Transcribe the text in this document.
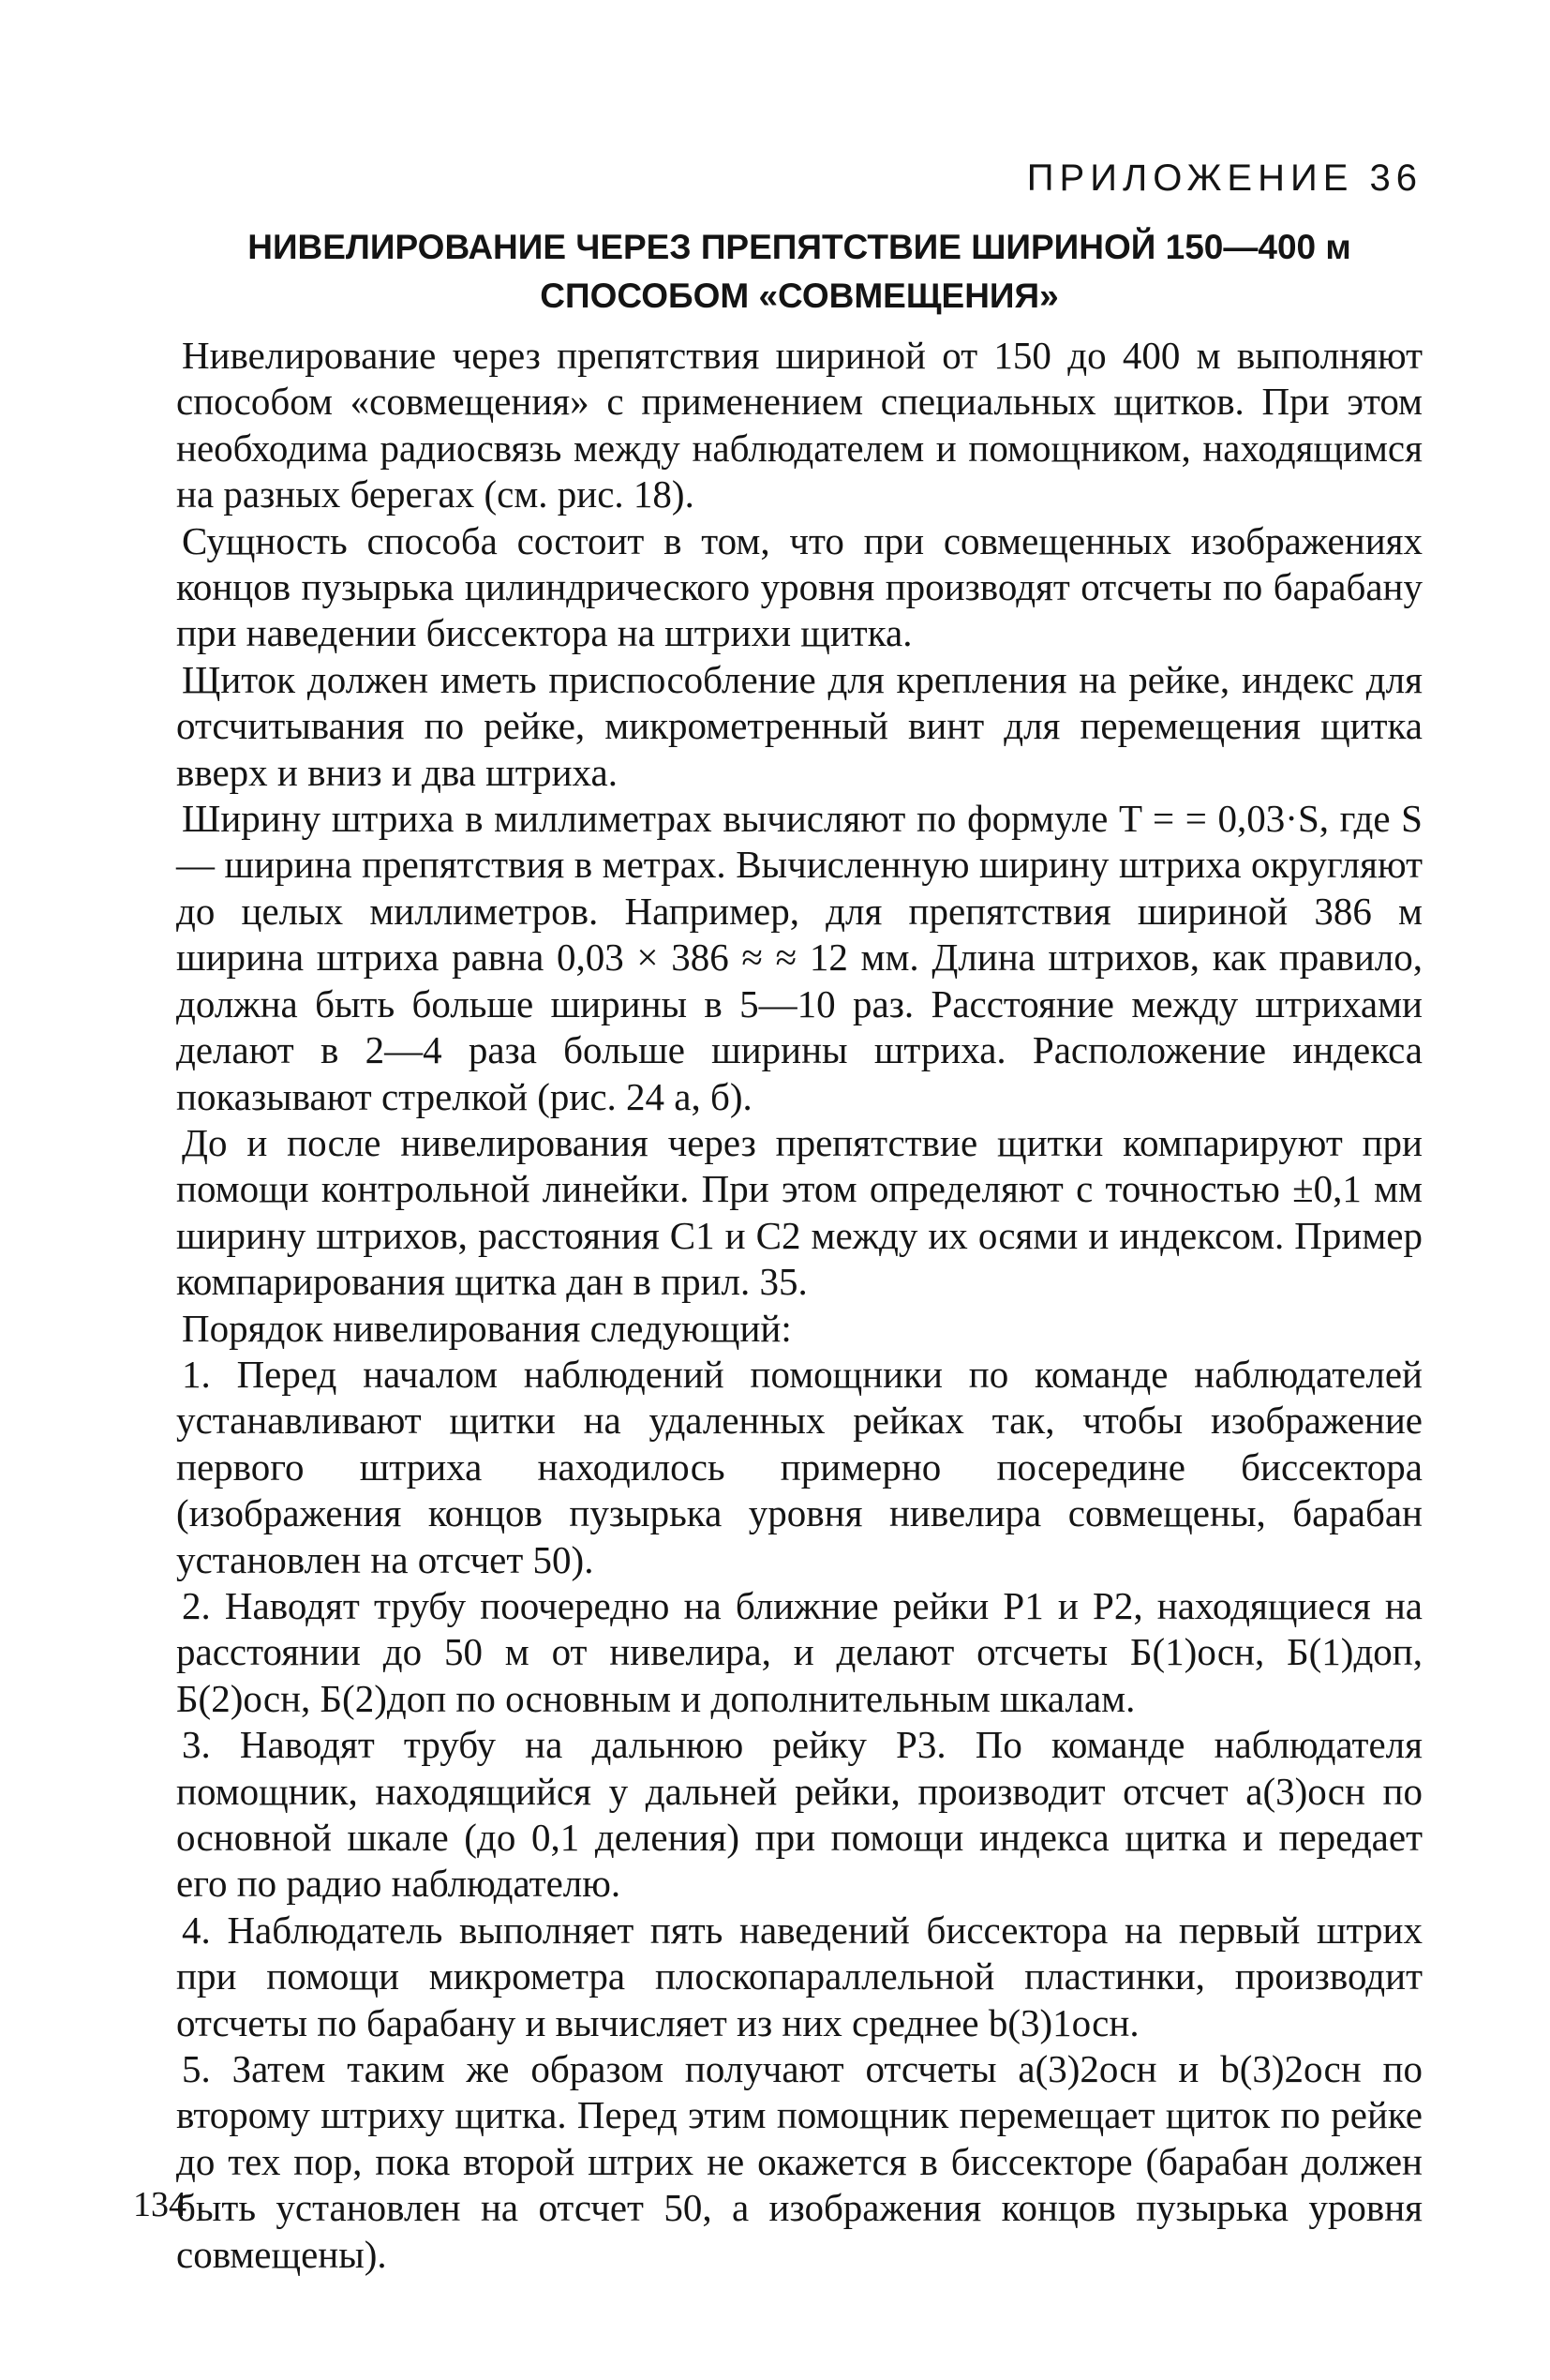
ПРИЛОЖЕНИЕ 36
НИВЕЛИРОВАНИЕ ЧЕРЕЗ ПРЕПЯТСТВИЕ ШИРИНОЙ 150—400 м
СПОСОБОМ «СОВМЕЩЕНИЯ»

Нивелирование через препятствия шириной от 150 до 400 м выполняют способом «совмещения» с применением специальных щитков. При этом необходима радиосвязь между наблюдателем и помощником, находящимся на разных берегах (см. рис. 18).

Сущность способа состоит в том, что при совмещенных изображениях концов пузырька цилиндрического уровня производят отсчеты по барабану при наведении биссектора на штрихи щитка.

Щиток должен иметь приспособление для крепления на рейке, индекс для отсчитывания по рейке, микрометренный винт для перемещения щитка вверх и вниз и два штриха.

Ширину штриха в миллиметрах вычисляют по формуле T = = 0,03·S, где S — ширина препятствия в метрах. Вычисленную ширину штриха округляют до целых миллиметров. Например, для препятствия шириной 386 м ширина штриха равна 0,03 × 386 ≈ ≈ 12 мм. Длина штрихов, как правило, должна быть больше ширины в 5—10 раз. Расстояние между штрихами делают в 2—4 раза больше ширины штриха. Расположение индекса показывают стрелкой (рис. 24 а, б).

До и после нивелирования через препятствие щитки компарируют при помощи контрольной линейки. При этом определяют с точностью ±0,1 мм ширину штрихов, расстояния C1 и C2 между их осями и индексом. Пример компарирования щитка дан в прил. 35.

Порядок нивелирования следующий:

1. Перед началом наблюдений помощники по команде наблюдателей устанавливают щитки на удаленных рейках так, чтобы изображение первого штриха находилось примерно посередине биссектора (изображения концов пузырька уровня нивелира совмещены, барабан установлен на отсчет 50).

2. Наводят трубу поочередно на ближние рейки P1 и P2, находящиеся на расстоянии до 50 м от нивелира, и делают отсчеты Б(1)осн, Б(1)доп, Б(2)осн, Б(2)доп по основным и дополнительным шкалам.

3. Наводят трубу на дальнюю рейку P3. По команде наблюдателя помощник, находящийся у дальней рейки, производит отсчет a(3)осн по основной шкале (до 0,1 деления) при помощи индекса щитка и передает его по радио наблюдателю.

4. Наблюдатель выполняет пять наведений биссектора на первый штрих при помощи микрометра плоскопараллельной пластинки, производит отсчеты по барабану и вычисляет из них среднее b(3)1осн.

5. Затем таким же образом получают отсчеты a(3)2осн и b(3)2осн по второму штриху щитка. Перед этим помощник перемещает щиток по рейке до тех пор, пока второй штрих не окажется в биссекторе (барабан должен быть установлен на отсчет 50, а изображения концов пузырька уровня совмещены).

134
